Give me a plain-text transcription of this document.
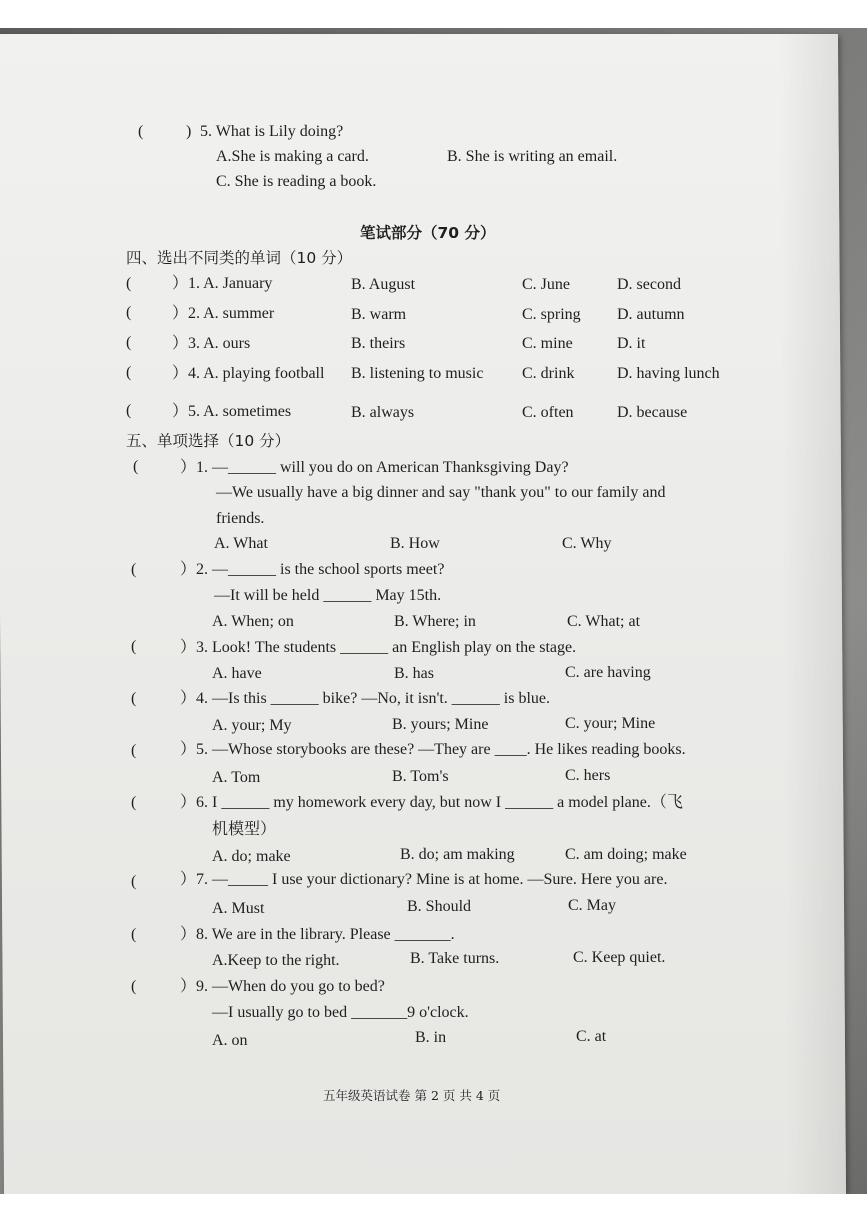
(	) 5. What is Lily doing?
A.She is making a card.	B. She is writing an email.
C. She is reading a book.
笔试部分（70 分）
四、选出不同类的单词（10 分）
(	）1. A. January	B. August	C. June	D. second
(	）2. A. summer	B. warm	C. spring D. autumn
(	）3. A. ours	B. theirs	C. mine	D. it
(	）4. A. playing football B. listening to music C. drink	D. having lunch
(	）5. A. sometimes	B. always	C. often	D. because
五、单项选择（10 分）
(	）1. —______ will you do on American Thanksgiving Day?
—We usually have a big dinner and say "thank you" to our family and
friends.
A. What	B. How	C. Why
(	）2. —______ is the school sports meet?
—It will be held ______ May 15th.
A. When; on	B. Where; in	C. What; at
(	）3. Look! The students ______ an English play on the stage.
A. have	B. has	C. are having
(	）4. —Is this ______ bike? —No, it isn't. ______ is blue.
A. your; My	B. yours; Mine	C. your; Mine
(	）5. —Whose storybooks are these? —They are ____. He likes reading books.
A. Tom	B. Tom's	C. hers
(	）6. I ______ my homework every day, but now I ______ a model plane.（飞
机模型）
A. do; make	B. do; am making	C. am doing; make
(	）7. —_____ I use your dictionary? Mine is at home. —Sure. Here you are.
A. Must	B. Should	C. May
(	）8. We are in the library. Please _______.
A.Keep to the right.	B. Take turns.	C. Keep quiet.
(	）9. —When do you go to bed?
—I usually go to bed _______9 o'clock.
A. on	B. in	C. at
五年级英语试卷 第 2 页 共 4 页
